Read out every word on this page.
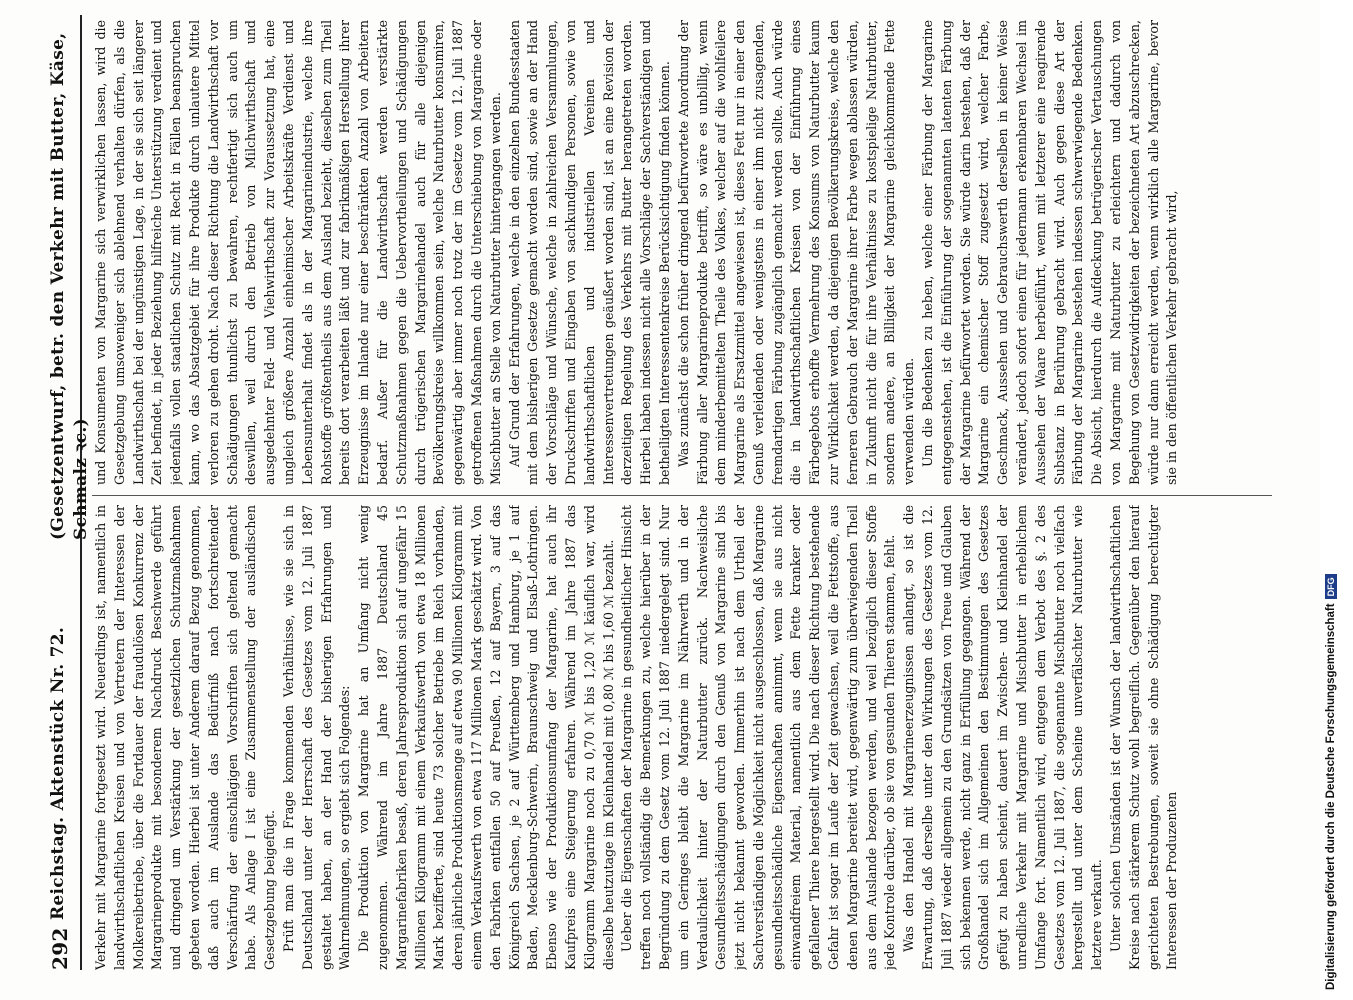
292
Reichstag. Aktenstück Nr. 72.
(Gesetzentwurf, betr. den Verkehr mit Butter, Käse, Schmalz ꝛc.)

Verkehr mit Margarine fortgesetzt wird. Neuerdings ist, namentlich in landwirthschaftlichen Kreisen und von Vertretern der Interessen der Molkereibetriebe, über die Fortdauer der fraudulösen Konkurrenz der Margarineprodukte mit besonderem Nachdruck Beschwerde geführt und dringend um Verstärkung der gesetzlichen Schutzmaßnahmen gebeten worden. Hierbei ist unter Anderem darauf Bezug genommen, daß auch im Auslande das Bedürfniß nach fortschreitender Verschärfung der einschlägigen Vorschriften sich geltend gemacht habe. Als Anlage I ist eine Zusammenstellung der ausländischen Gesetzgebung beigefügt. Prüft man die in Frage kommenden Verhältnisse, wie sie sich in Deutschland unter der Herrschaft des Gesetzes vom 12. Juli 1887 gestaltet haben, an der Hand der bisherigen Erfahrungen und Wahrnehmungen, so ergiebt sich Folgendes: Die Produktion von Margarine hat an Umfang nicht wenig zugenommen. Während im Jahre 1887 Deutschland 45 Margarinefabriken besaß, deren Jahresproduktion sich auf ungefähr 15 Millionen Kilogramm mit einem Verkaufswerth von etwa 18 Millionen Mark bezifferte, sind heute 73 solcher Betriebe im Reich vorhanden, deren jährliche Produktionsmenge auf etwa 90 Millionen Kilogramm mit einem Verkaufswerth von etwa 117 Millionen Mark geschätzt wird. Von den Fabriken entfallen 50 auf Preußen, 12 auf Bayern, 3 auf das Königreich Sachsen, je 2 auf Württemberg und Hamburg, je 1 auf Baden, Mecklenburg-Schwerin, Braunschweig und Elsaß-Lothringen. Ebenso wie der Produktionsumfang der Margarine, hat auch ihr Kaufpreis eine Steigerung erfahren. Während im Jahre 1887 das Kilogramm Margarine noch zu 0,70 ℳ bis 1,20 ℳ käuflich war, wird dieselbe heutzutage im Kleinhandel mit 0,80 ℳ bis 1,60 ℳ bezahlt. Ueber die Eigenschaften der Margarine in gesundheitlicher Hinsicht treffen noch vollständig die Bemerkungen zu, welche hierüber in der Begründung zu dem Gesetz vom 12. Juli 1887 niedergelegt sind. Nur um ein Geringes bleibt die Margarine im Nährwerth und in der Verdaulichkeit hinter der Naturbutter zurück. Nachweisliche Gesundheitsschädigungen durch den Genuß von Margarine sind bis jetzt nicht bekannt geworden. Immerhin ist nach dem Urtheil der Sachverständigen die Möglichkeit nicht ausgeschlossen, daß Margarine gesundheitsschädliche Eigenschaften annimmt, wenn sie aus nicht einwandfreiem Material, namentlich aus dem Fette kranker oder gefallener Thiere hergestellt wird. Die nach dieser Richtung bestehende Gefahr ist sogar im Laufe der Zeit gewachsen, weil die Fettstoffe, aus denen Margarine bereitet wird, gegenwärtig zum überwiegenden Theil aus dem Auslande bezogen werden, und weil bezüglich dieser Stoffe jede Kontrole darüber, ob sie von gesunden Thieren stammen, fehlt. Was den Handel mit Margarineerzeugnissen anlangt, so ist die Erwartung, daß derselbe unter den Wirkungen des Gesetzes vom 12. Juli 1887 wieder allgemein zu den Grundsätzen von Treue und Glauben sich bekennen werde, nicht ganz in Erfüllung gegangen. Während der Großhandel sich im Allgemeinen den Bestimmungen des Gesetzes gefügt zu haben scheint, dauert im Zwischen- und Kleinhandel der unredliche Verkehr mit Margarine und Mischbutter in erheblichem Umfange fort. Namentlich wird, entgegen dem Verbot des §. 2 des Gesetzes vom 12. Juli 1887, die sogenannte Mischbutter noch vielfach hergestellt und unter dem Scheine unverfälschter Naturbutter wie letztere verkauft. Unter solchen Umständen ist der Wunsch der landwirthschaftlichen Kreise nach stärkerem Schutz wohl begreiflich. Gegenüber den hierauf gerichteten Bestrebungen, soweit sie ohne Schädigung berechtigter Interessen der Produzenten

und Konsumenten von Margarine sich verwirklichen lassen, wird die Gesetzgebung umsoweniger sich ablehnend verhalten dürfen, als die Landwirthschaft bei der ungünstigen Lage, in der sie sich seit längerer Zeit befindet, in jeder Beziehung hilfreiche Unterstützung verdient und jedenfalls vollen staatlichen Schutz mit Recht in Fällen beanspruchen kann, wo das Absatzgebiet für ihre Produkte durch unlautere Mittel verloren zu gehen droht. Nach dieser Richtung die Landwirthschaft vor Schädigungen thunlichst zu bewahren, rechtfertigt sich auch um deswillen, weil durch den Betrieb von Milchwirthschaft und ausgedehnter Feld- und Viehwirthschaft zur Voraussetzung hat, eine ungleich größere Anzahl einheimischer Arbeitskräfte Verdienst und Lebensunterhalt findet als in der Margarineindustrie, welche ihre Rohstoffe größtentheils aus dem Ausland bezieht, dieselben zum Theil bereits dort verarbeiten läßt und zur fabrikmäßigen Herstellung ihrer Erzeugnisse im Inlande nur einer beschränkten Anzahl von Arbeitern bedarf. Außer für die Landwirthschaft werden verstärkte Schutzmaßnahmen gegen die Uebervortheilungen und Schädigungen durch trügerischen Margarinehandel auch für alle diejenigen Bevölkerungskreise willkommen sein, welche Naturbutter konsumiren, gegenwärtig aber immer noch trotz der im Gesetze vom 12. Juli 1887 getroffenen Maßnahmen durch die Unterschiebung von Margarine oder Mischbutter an Stelle von Naturbutter hintergangen werden. Auf Grund der Erfahrungen, welche in den einzelnen Bundesstaaten mit dem bisherigen Gesetze gemacht worden sind, sowie an der Hand der Vorschläge und Wünsche, welche in zahlreichen Versammlungen, Druckschriften und Eingaben von sachkundigen Personen, sowie von landwirthschaftlichen und industriellen Vereinen und Interessenvertretungen geäußert worden sind, ist an eine Revision der derzeitigen Regelung des Verkehrs mit Butter herangetreten worden. Hierbei haben indessen nicht alle Vorschläge der Sachverständigen und betheiligten Interessentenkreise Berücksichtigung finden können. Was zunächst die schon früher dringend befürwortete Anordnung der Färbung aller Margarineprodukte betrifft, so wäre es unbillig, wenn dem minderbemittelten Theile des Volkes, welcher auf die wohlfeilere Margarine als Ersatzmittel angewiesen ist, dieses Fett nur in einer den Genuß verleidenden oder wenigstens in einer ihm nicht zusagenden, fremdartigen Färbung zugänglich gemacht werden sollte. Auch würde die in landwirthschaftlichen Kreisen von der Einführung eines Färbegebots erhoffte Vermehrung des Konsums von Naturbutter kaum zur Wirklichkeit werden, da diejenigen Bevölkerungskreise, welche den ferneren Gebrauch der Margarine ihrer Farbe wegen ablassen würden, in Zukunft nicht die für ihre Verhältnisse zu kostspielige Naturbutter, sondern andere, an Billigkeit der Margarine gleichkommende Fette verwenden würden. Um die Bedenken zu heben, welche einer Färbung der Margarine entgegenstehen, ist die Einführung der sogenannten latenten Färbung der Margarine befürwortet worden. Sie würde darin bestehen, daß der Margarine ein chemischer Stoff zugesetzt wird, welcher Farbe, Geschmack, Aussehen und Gebrauchswerth derselben in keiner Weise verändert, jedoch sofort einen für jedermann erkennbaren Wechsel im Aussehen der Waare herbeiführt, wenn mit letzterer eine reagirende Substanz in Berührung gebracht wird. Auch gegen diese Art der Färbung der Margarine bestehen indessen schwerwiegende Bedenken. Die Absicht, hierdurch die Aufdeckung betrügerischer Vertauschungen von Margarine mit Naturbutter zu erleichtern und dadurch von Begehung von Gesetzwidrigkeiten der bezeichneten Art abzuschrecken, würde nur dann erreicht werden, wenn wirklich alle Margarine, bevor sie in den öffentlichen Verkehr gebracht wird,

Digitalisierung gefördert durch die Deutsche ForschungsgemeinschaftDFG
